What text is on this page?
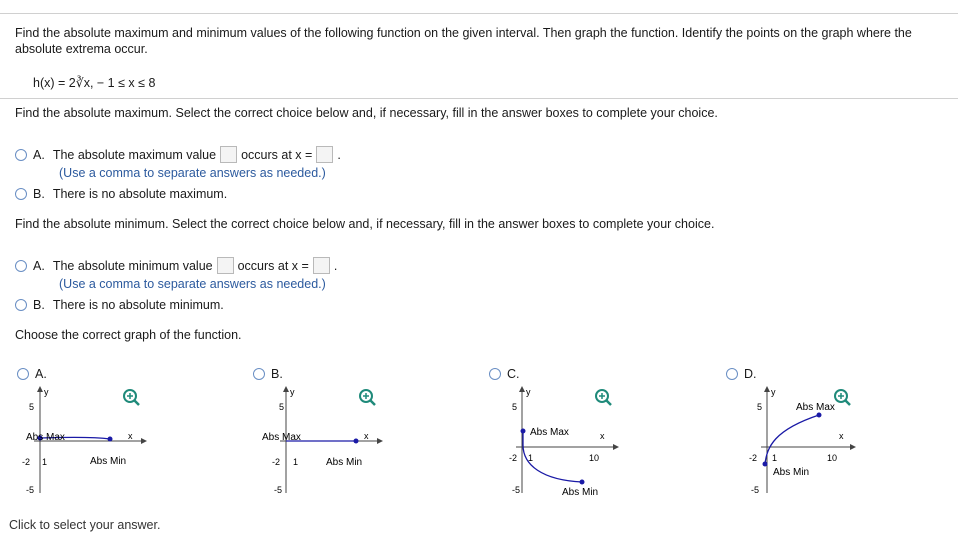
Find the absolute maximum and minimum values of the following function on the given interval. Then graph the function. Identify the points on the graph where the absolute extrema occur.
h(x) = 2∛x, − 1 ≤ x ≤ 8
Find the absolute maximum. Select the correct choice below and, if necessary, fill in the answer boxes to complete your choice.
A. The absolute maximum value occurs at x = .
(Use a comma to separate answers as needed.)
B. There is no absolute maximum.
Find the absolute minimum. Select the correct choice below and, if necessary, fill in the answer boxes to complete your choice.
A. The absolute minimum value occurs at x = .
(Use a comma to separate answers as needed.)
B. There is no absolute minimum.
Choose the correct graph of the function.
A.	B.	C.	D.
y
x
5
-5
-2 1
Abs Max
Abs Min
y
x
5
-5
-2 1
Abs Max
Abs Min
y
x
5
-5
-2 1	10
Abs Max
Abs Min
y
x
5
-5
-2 1	10
Abs Max
Abs Min
Click to select your answer.
